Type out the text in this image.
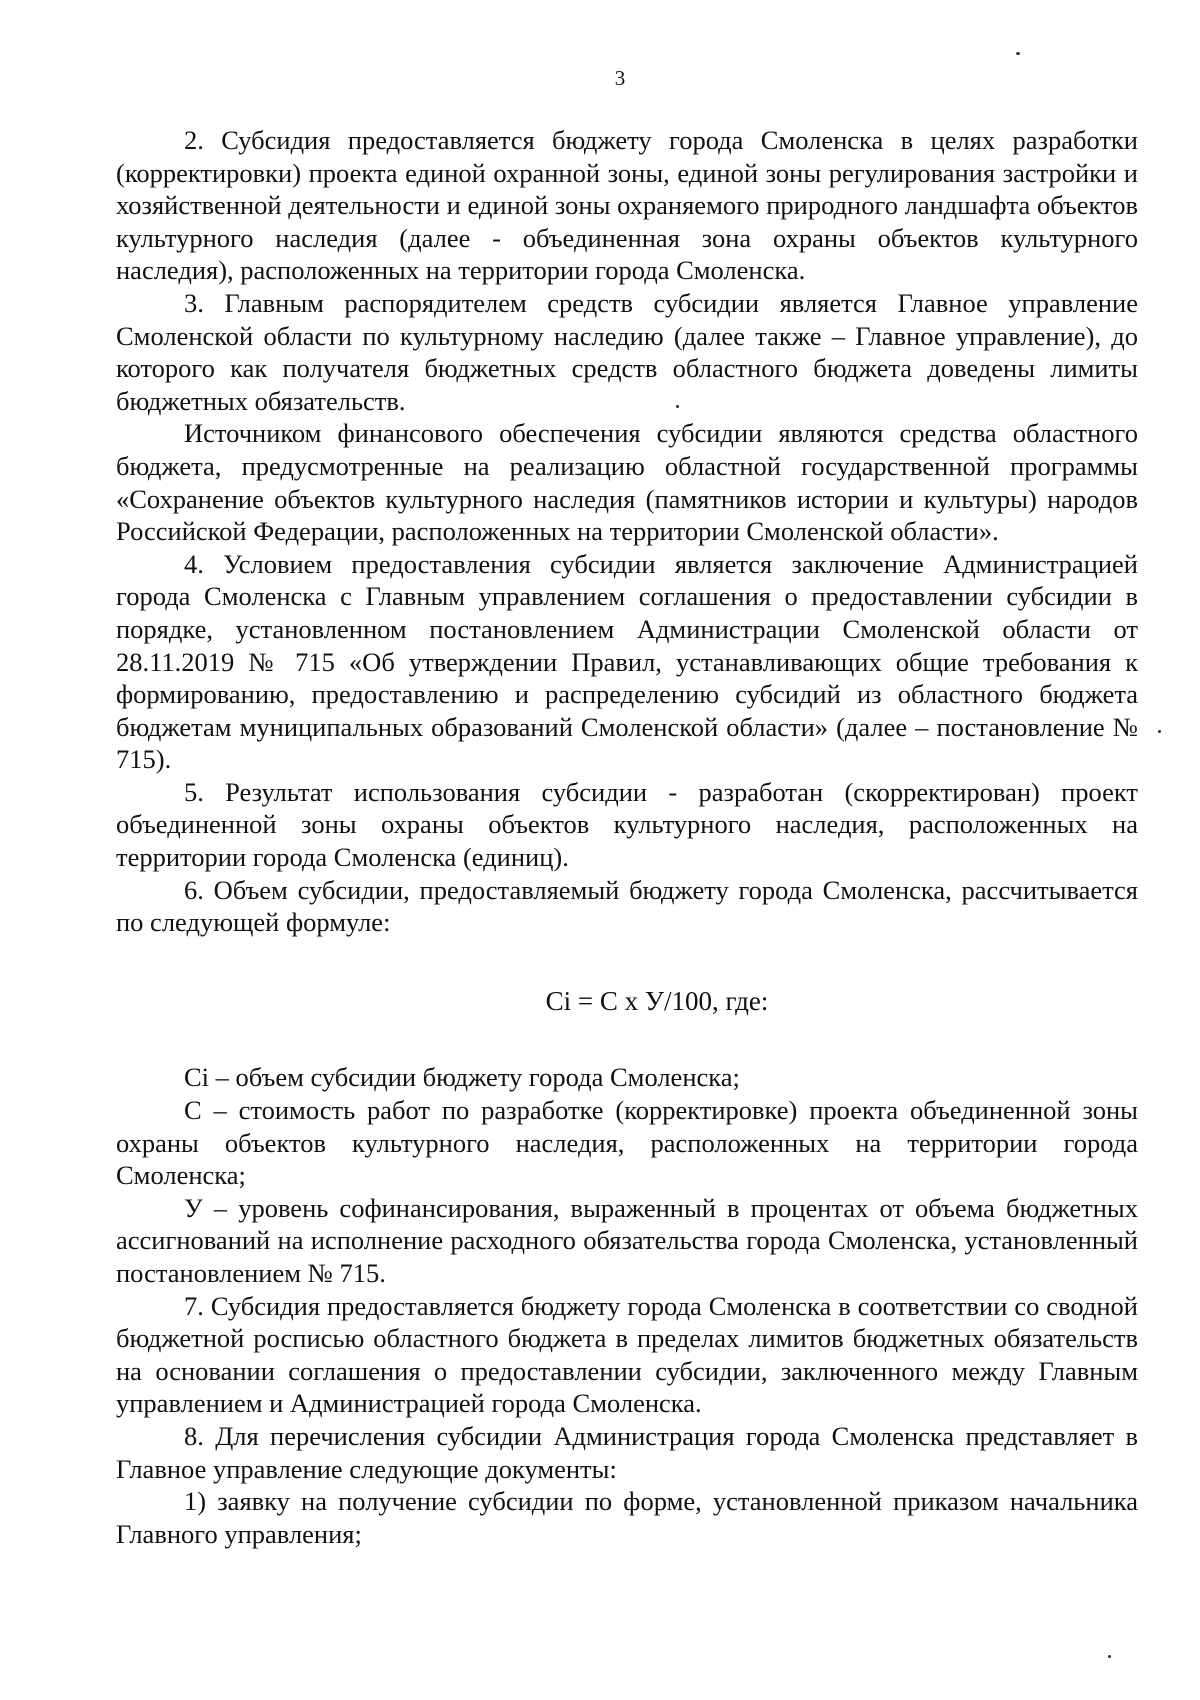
3

2. Субсидия предоставляется бюджету города Смоленска в целях разработки (корректировки) проекта единой охранной зоны, единой зоны регулирования застройки и хозяйственной деятельности и единой зоны охраняемого природного ландшафта объектов культурного наследия (далее - объединенная зона охраны объектов культурного наследия), расположенных на территории города Смоленска.

3. Главным распорядителем средств субсидии является Главное управление Смоленской области по культурному наследию (далее также – Главное управление), до которого как получателя бюджетных средств областного бюджета доведены лимиты бюджетных обязательств.

Источником финансового обеспечения субсидии являются средства областного бюджета, предусмотренные на реализацию областной государственной программы «Сохранение объектов культурного наследия (памятников истории и культуры) народов Российской Федерации, расположенных на территории Смоленской области».

4. Условием предоставления субсидии является заключение Администрацией города Смоленска с Главным управлением соглашения о предоставлении субсидии в порядке, установленном постановлением Администрации Смоленской области от 28.11.2019 № 715 «Об утверждении Правил, устанавливающих общие требования к формированию, предоставлению и распределению субсидий из областного бюджета бюджетам муниципальных образований Смоленской области» (далее – постановление № 715).

5. Результат использования субсидии - разработан (скорректирован) проект объединенной зоны охраны объектов культурного наследия, расположенных на территории города Смоленска (единиц).

6. Объем субсидии, предоставляемый бюджету города Смоленска, рассчитывается по следующей формуле:

Ci = C x У/100, где:

Ci – объем субсидии бюджету города Смоленска;

С – стоимость работ по разработке (корректировке) проекта объединенной зоны охраны объектов культурного наследия, расположенных на территории города Смоленска;

У – уровень софинансирования, выраженный в процентах от объема бюджетных ассигнований на исполнение расходного обязательства города Смоленска, установленный постановлением № 715.

7. Субсидия предоставляется бюджету города Смоленска в соответствии со сводной бюджетной росписью областного бюджета в пределах лимитов бюджетных обязательств на основании соглашения о предоставлении субсидии, заключенного между Главным управлением и Администрацией города Смоленска.

8. Для перечисления субсидии Администрация города Смоленска представляет в Главное управление следующие документы:

1) заявку на получение субсидии по форме, установленной приказом начальника Главного управления;
